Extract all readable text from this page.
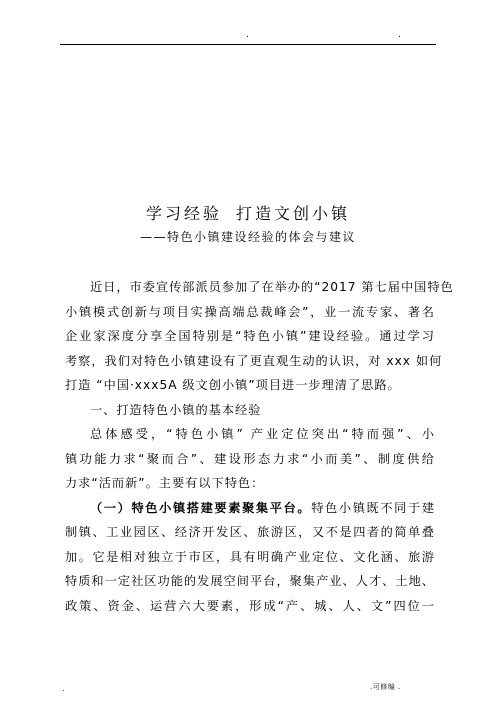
.	.
学习经验 打造文创小镇
——特色小镇建设经验的体会与建议
近日，市委宣传部派员参加了在举办的“2017 第七届中国特色
小镇模式创新与项目实操高端总裁峰会”，业一流专家、著名
企业家深度分享全国特别是“特色小镇”建设经验。通过学习
考察，我们对特色小镇建设有了更直观生动的认识，对 xxx 如何
打造 “中国·xxx5A 级文创小镇”项目进一步理清了思路。
一、打造特色小镇的基本经验
总体感受，“特色小镇” 产业定位突出“特而强”、小
镇功能力求“聚而合”、建设形态力求“小而美”、制度供给
力求“活而新”。主要有以下特色：
（一）特色小镇搭建要素聚集平台。特色小镇既不同于建
制镇、工业园区、经济开发区、旅游区，又不是四者的简单叠
加。它是相对独立于市区，具有明确产业定位、文化涵、旅游
特质和一定社区功能的发展空间平台，聚集产业、人才、土地、
政策、资金、运营六大要素，形成“产、城、人、文”四位一
.	.可修编 .
